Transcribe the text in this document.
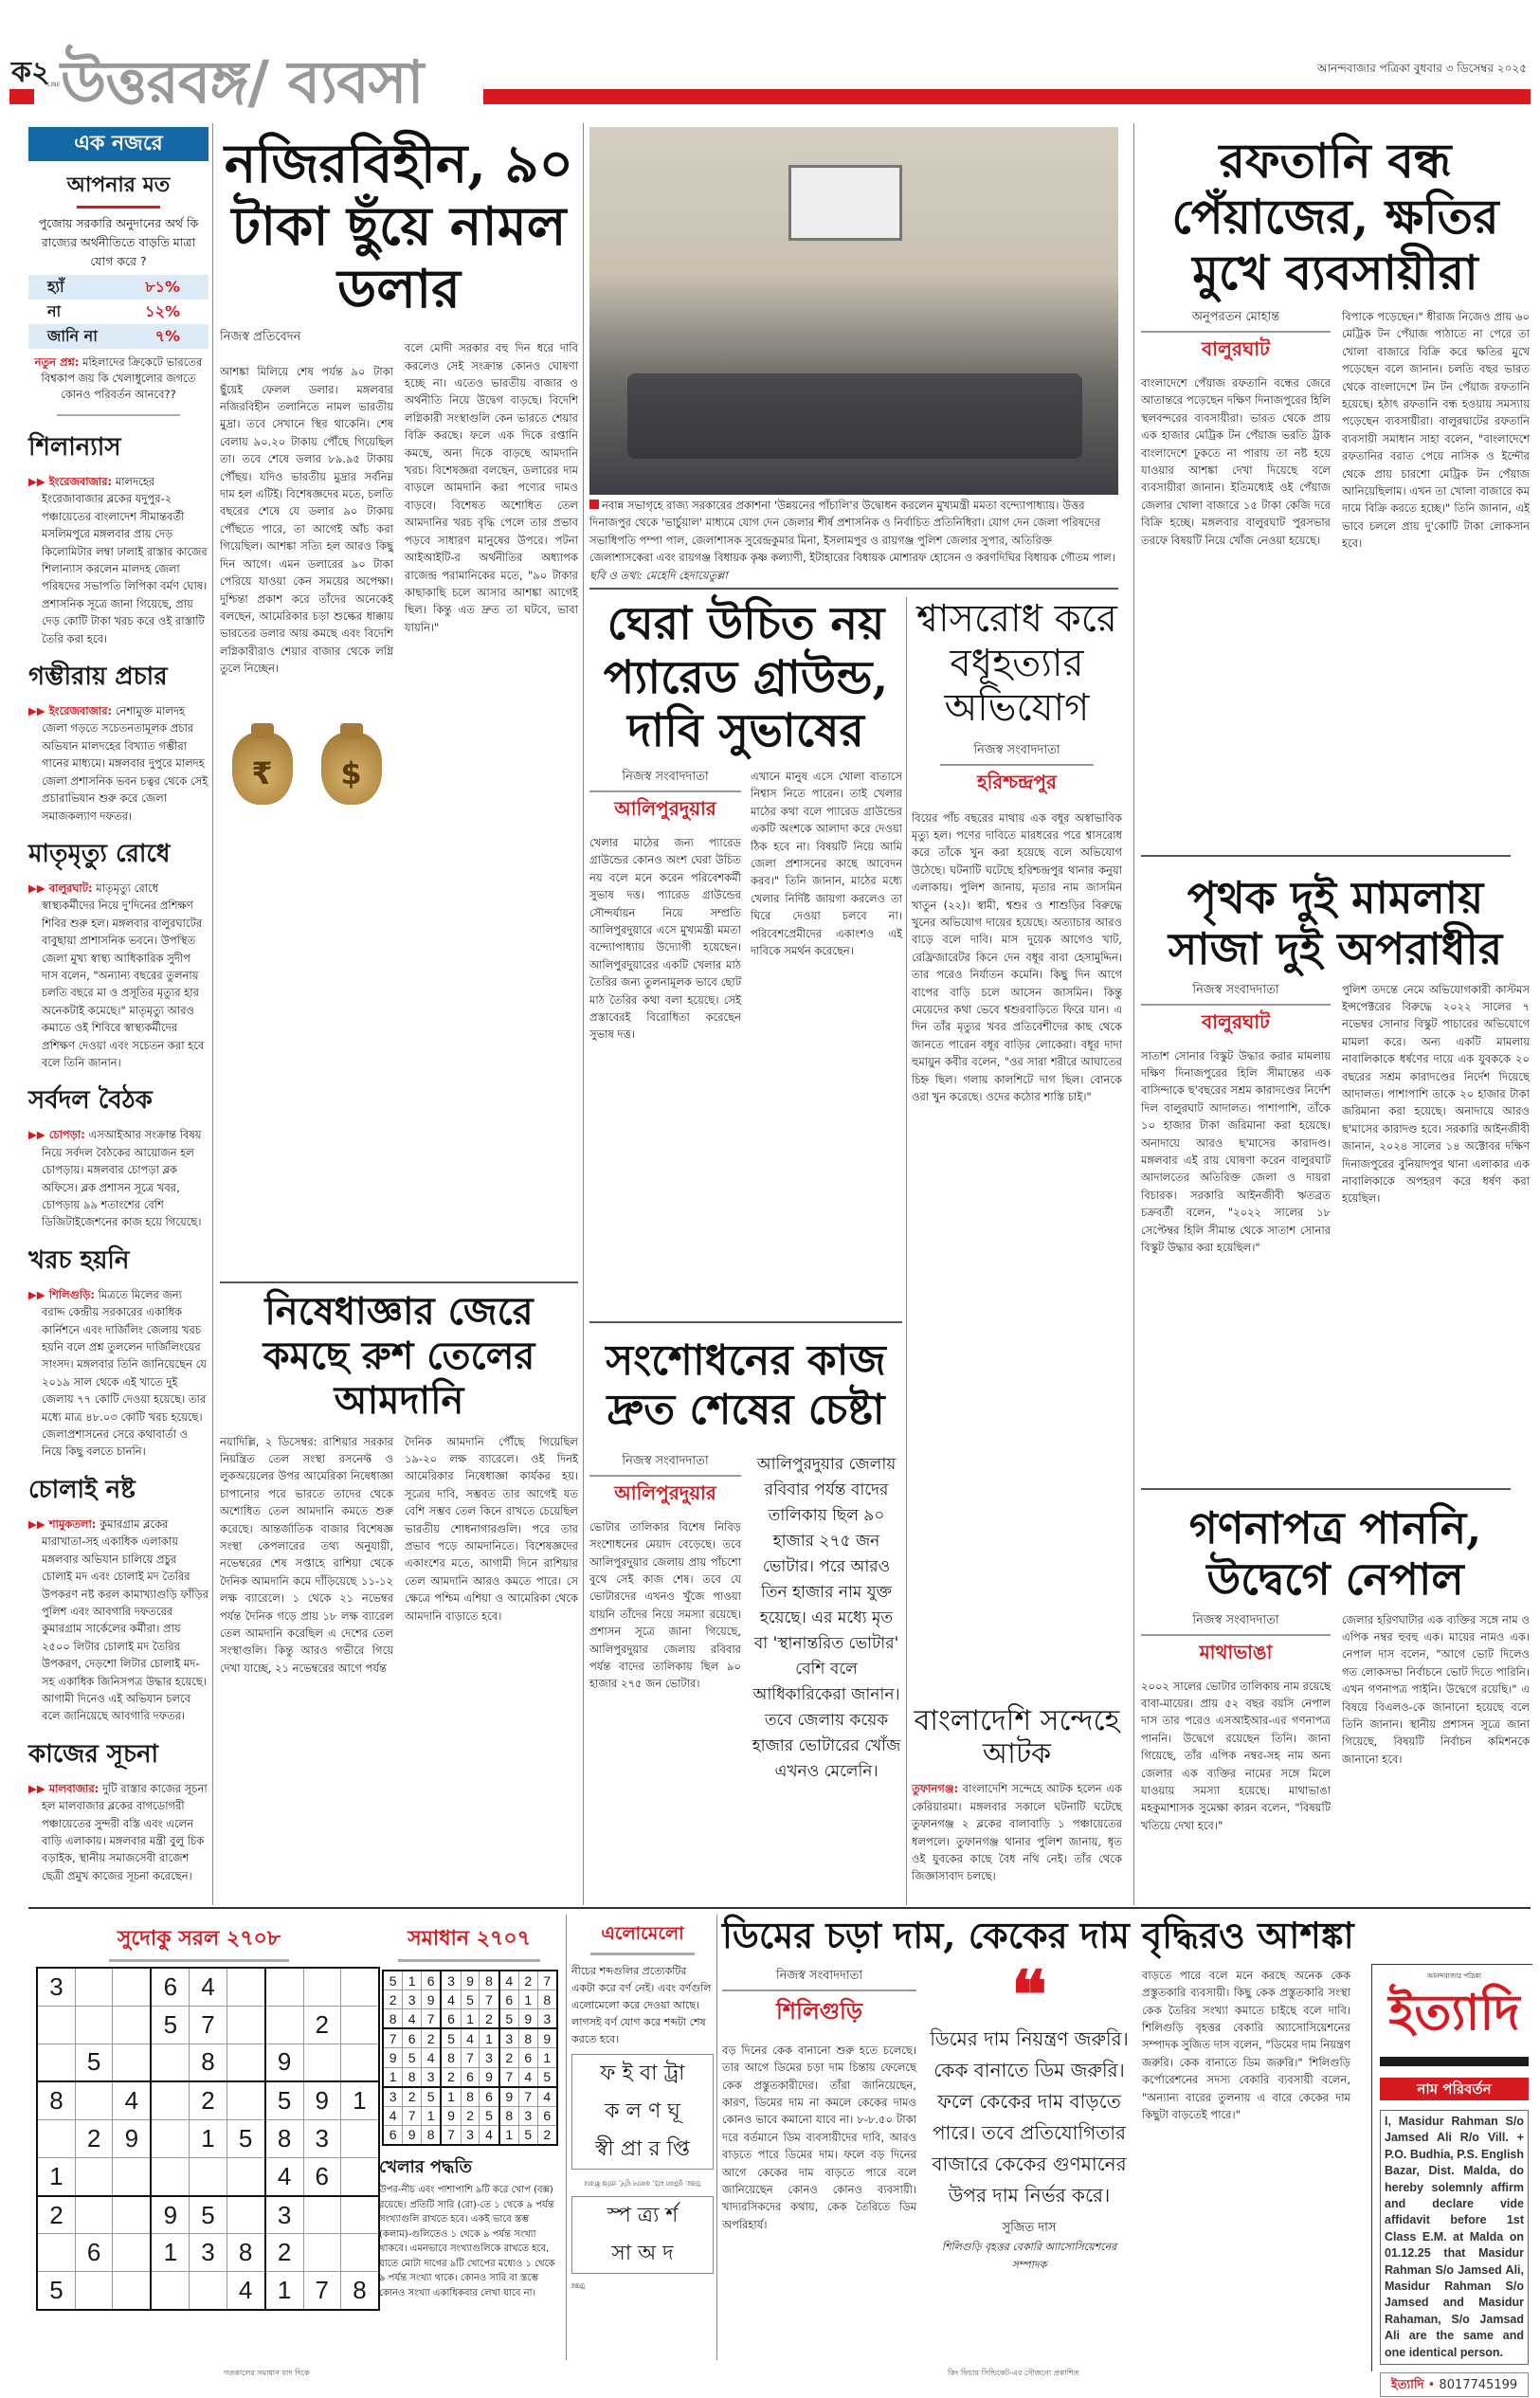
ক২
LINE উত্তরবঙ্গ/ ব্যবসা	আনন্দবাজার পত্রিকা বুধবার ৩ ডিসেম্বর ২০২৫
এক নজরে
আপনার মত
পুজোয় সরকারি অনুদানের অর্থ কি রাজ্যের অর্থনীতিতে বাড়তি মাত্রা যোগ করে ?
হ্যাঁ	৮১%
না	১২%
জানি না	৭%
নতুন প্রশ্ন: মহিলাদের ক্রিকেটে ভারতের বিশ্বকাপ জয় কি খেলাধুলোর জগতে কোনও পরিবর্তন আনবে??
শিলান্যাস
▶▶ ইংরেজবাজার: মালদহের ইংরেজাবাজার ব্লকের যদুপুর-২ পঞ্চায়েতের বাংলাদেশ সীমান্তবর্তী মসলিমপুরে মঙ্গলবার প্রায় দেড় কিলোমিটার লম্বা ঢালাই রাস্তার কাজের শিলান্যাস করলেন মালদহ জেলা পরিষদের সভাপতি লিপিকা বর্মণ ঘোষ। প্রশাসনিক সূত্রে জানা গিয়েছে, প্রায় দেড় কোটি টাকা খরচ করে ওই রাস্তাটি তৈরি করা হবে।
গম্ভীরায় প্রচার
▶▶ ইংরেজবাজার: নেশামুক্ত মালদহ জেলা গড়তে সচেতনতামূলক প্রচার অভিযান মালদহের বিখ্যাত গম্ভীরা গানের মাধ্যমে। মঙ্গলবার দুপুরে মালদহ জেলা প্রশাসনিক ভবন চত্বর থেকে সেই প্রচারাভিযান শুরু করে জেলা সমাজকল্যাণ দফতর।
মাতৃমৃত্যু রোধে
▶▶ বালুরঘাট: মাতৃমৃত্যু রোধে স্বাস্থ্যকর্মীদের নিয়ে দু'দিনের প্রশিক্ষণ শিবির শুরু হল। মঙ্গলবার বালুরঘাটের বাবুছায়া প্রাশাসনিক ভবনে। উপস্থিত জেলা মুখ্য স্বাস্থ্য আধিকারিক সুদীপ দাস বলেন, "অন্যান্য বছরের তুলনায় চলতি বছরে মা ও প্রসূতির মৃত্যুর হার অনেকটাই কমেছে।" মাতৃমৃত্যু আরও কমাতে ওই শিবিরে স্বাস্থ্যকর্মীদের প্রশিক্ষণ দেওয়া এবং সচেতন করা হবে বলে তিনি জানান।
সর্বদল বৈঠক
▶▶ চোপড়া: এসআইআর সংক্রান্ত বিষয় নিয়ে সর্বদল বৈঠকের আয়োজন হল চোপড়ায়। মঙ্গলবার চোপড়া ব্লক অফিসে। ব্লক প্রশাসন সূত্রে খবর, চোপড়ায় ৯৯ শতাংশের বেশি ডিজিটাইজেশনের কাজ হয়ে গিয়েছে।
খরচ হয়নি
▶▶ শিলিগুড়ি: মিত্রতে মিলের জন্য বরাদ্দ কেন্দ্রীয় সরকারের একাধিক কার্নিশনে এবং দার্জিলিং জেলায় খরচ হয়নি বলে প্রশ্ন তুললেন দার্জিলিংয়ের সাংসদ। মঙ্গলবার তিনি জানিয়েছেন যে ২০১৯ সাল থেকে এই খাতে দুই জেলায় ৭৭ কোটি দেওয়া হয়েছে। তার মধ্যে মাত্র ৪৮.০৩ কোটি খরচ হয়েছে। জেলাপ্রশাসনের সেরে কথাবার্তা ও নিয়ে কিছু বলতে চাননি।
চোলাই নষ্ট
▶▶ শামুকতলা: কুমারগ্রাম ব্লকের মারাখাতা-সহ একাধিক এলাকায় মঙ্গলবার অভিযান চালিয়ে প্রচুর চোলাই মদ এবং চোলাই মদ তৈরির উপকরণ নষ্ট করল কামাখ্যাগুড়ি ফাঁড়ির পুলিশ এবং আবগারি দফতরের কুমারগ্রাম সার্কেলের কর্মীরা। প্রায় ২৫০০ লিটার চোলাই মদ তৈরির উপকরণ, দেড়শো লিটার চোলাই মদ-সহ একাধিক জিনিসপত্র উদ্ধার হয়েছে। আগামী দিনেও এই অভিযান চলবে বলে জানিয়েছে আবগারি দফতর।
কাজের সূচনা
▶▶ মালবাজার: দুটি রাস্তার কাজের সূচনা হল মালবাজার ব্লকের বাগডোগরী পঞ্চায়েতের সুন্দরী বস্তি এবং এলেন বাড়ি এলাকায়। মঙ্গলবার মন্ত্রী বুলু চিক বড়াইক, স্থানীয় সমাজসেবী রাজেশ ছেত্রী প্রমুখ কাজের সূচনা করেছেন।
নজিরবিহীন, ৯০ টাকা ছুঁয়ে নামল ডলার
নিজস্ব প্রতিবেদন
আশঙ্কা মিলিয়ে শেষ পর্যন্ত ৯০ টাকা ছুঁয়েই ফেলল ডলার। মঙ্গলবার নজিরবিহীন তলানিতে নামল ভারতীয় মুদ্রা। তবে সেখানে স্থির থাকেনি। শেষ বেলায় ৯০.২০ টাকায় পৌঁছে গিয়েছিল তা। তবে শেষে ডলার ৮৯.৯৫ টাকায় পৌঁছয়। যদিও ভারতীয় মুদ্রার সর্বনিম্ন দাম হল এটিই। বিশেষজ্ঞদের মতে, চলতি বছরের শেষে যে ডলার ৯০ টাকায় পৌঁছতে পারে, তা আগেই আঁচ করা গিয়েছিল। আশঙ্কা সত্যি হল আরও কিছু দিন আগে। এমন ডলারের ৯০ টাকা পেরিয়ে যাওয়া কেন সময়ের অপেক্ষা। দুশ্চিন্তা প্রকাশ করে তাঁদের অনেকেই বলছেন, আমেরিকার চড়া শুল্কের ধাক্কায় ভারতের ডলার আয় কমছে এবং বিদেশি লগ্নিকারীরাও শেয়ার বাজার থেকে লগ্নি তুলে নিচ্ছেন।
বলে মোদী সরকার বহু দিন ধরে দাবি করলেও সেই সংক্রান্ত কোনও ঘোষণা হচ্ছে না। এতেও ভারতীয় বাজার ও অর্থনীতি নিয়ে উদ্বেগ বাড়ছে। বিদেশি লগ্নিকারী সংস্থাগুলি কেন ভারতে শেয়ার বিক্রি করছে। ফলে এক দিকে রপ্তানি কমছে, অন্য দিকে বাড়ছে আমদানি খরচ। বিশেষজ্ঞরা বলছেন, ডলারের দাম বাড়লে আমদানি করা পণ্যের দামও বাড়বে। বিশেষত অশোধিত তেল আমদানির খরচ বৃদ্ধি পেলে তার প্রভাব পড়বে সাধারণ মানুষের উপরে। পটনা আইআইটি-র অর্থনীতির অধ্যাপক রাজেন্দ্র পরামানিকের মতে, "৯০ টাকার কাছাকাছি চলে আসার আশঙ্কা আগেই ছিল। কিন্তু এত দ্রুত তা ঘটবে, ভাবা যায়নি।"
₹	$
নবান্ন সভাগৃহে রাজ্য সরকারের প্রকাশনা 'উন্নয়নের পাঁচালি'র উদ্বোধন করলেন মুখ্যমন্ত্রী মমতা বন্দ্যোপাধ্যায়। উত্তর দিনাজপুর থেকে 'ভার্চুয়াল' মাধ্যমে যোগ দেন জেলার শীর্ষ প্রশাসনিক ও নির্বাচিত প্রতিনিধিরা। যোগ দেন জেলা পরিষদের সভাধিপতি পম্পা পাল, জেলাশাসক সুরেন্দ্রকুমার মিনা, ইসলামপুর ও রায়গঞ্জ পুলিশ জেলার সুপার, অতিরিক্ত জেলাশাসকেরা এবং রায়গঞ্জ বিধায়ক কৃষ্ণ কল্যাণী, ইটাহারের বিধায়ক মোশারফ হোসেন ও করণদিঘির বিধায়ক গৌতম পাল। ছবি ও তথ্য: মেহেদি হেদায়েতুল্লা
ঘেরা উচিত নয় প্যারেড গ্রাউন্ড, দাবি সুভাষের
নিজস্ব সংবাদদাতা
আলিপুরদুয়ার
খেলার মাঠের জন্য প্যারেড গ্রাউন্ডের কোনও অংশ ঘেরা উচিত নয় বলে মনে করেন পরিবেশকর্মী সুভাষ দত্ত। প্যারেড গ্রাউন্ডের সৌন্দর্যায়ন নিয়ে সম্প্রতি আলিপুরদুয়ারে এসে মুখ্যমন্ত্রী মমতা বন্দ্যোপাধ্যায় উদ্যোগী হয়েছেন। আলিপুরদুয়ারের একটি খেলার মাঠ তৈরির জন্য তুলনামূলক ভাবে ছোট মাঠ তৈরির কথা বলা হয়েছে। সেই প্রস্তাবেরই বিরোধিতা করেছেন সুভাষ দত্ত।
এখানে মানুষ এসে খোলা বাতাসে নিশ্বাস নিতে পারেন। তাই খেলার মাঠের কথা বলে প্যারেড গ্রাউন্ডের একটি অংশকে আলাদা করে দেওয়া ঠিক হবে না। বিষয়টি নিয়ে আমি জেলা প্রশাসনের কাছে আবেদন করব।" তিনি জানান, মাঠের মধ্যে খেলার নির্দিষ্ট জায়গা করলেও তা ঘিরে দেওয়া চলবে না। পরিবেশপ্রেমীদের একাংশও এই দাবিকে সমর্থন করেছেন।
শ্বাসরোধ করে বধূহত্যার অভিযোগ
নিজস্ব সংবাদদাতা
হরিশ্চন্দ্রপুর
বিয়ের পাঁচ বছরের মাথায় এক বধূর অস্বাভাবিক মৃত্যু হল। পণের দাবিতে মারধরের পরে শ্বাসরোধ করে তাঁকে খুন করা হয়েছে বলে অভিযোগ উঠেছে। ঘটনাটি ঘটেছে হরিশ্চন্দ্রপুর থানার কনুয়া এলাকায়। পুলিশ জানায়, মৃতার নাম জাসমিন খাতুন (২২)। স্বামী, শ্বশুর ও শাশুড়ির বিরুদ্ধে খুনের অভিযোগ দায়ের হয়েছে। অত্যাচার আরও বাড়ে বলে দাবি। মাস দুয়েক আগেও খাট, রেফ্রিজারেটর কিনে দেন বধূর বাবা হেসামুদ্দিন। তার পরেও নির্যাতন কমেনি। কিছু দিন আগে বাপের বাড়ি চলে আসেন জাসমিন। কিন্তু মেয়েদের কথা ভেবে শ্বশুরবাড়িতে ফিরে যান। এ দিন তাঁর মৃত্যুর খবর প্রতিবেশীদের কাছ থেকে জানতে পারেন বধূর বাড়ির লোকেরা। বধূর দাদা হুমায়ুন কবীর বলেন, "ওর সারা শরীরে আঘাতের চিহ্ন ছিল। গলায় কালশিটে দাগ ছিল। বোনকে ওরা খুন করেছে। ওদের কঠোর শাস্তি চাই।"
বাংলাদেশি সন্দেহে আটক
তুফানগঞ্জ: বাংলাদেশি সন্দেহে আটক হলেন এক কেরিয়ারমা। মঙ্গলবার সকালে ঘটনাটি ঘটেছে তুফানগঞ্জ ২ ব্লকের বালাবাড়ি ১ পঞ্চায়েতের ধলপলে। তুফানগঞ্জ থানার পুলিশ জানায়, ধৃত ওই যুবকের কাছে বৈধ নথি নেই। তাঁর থেকে জিজ্ঞাসাবাদ চলছে।
রফতানি বন্ধ পেঁয়াজের, ক্ষতির মুখে ব্যবসায়ীরা
অনুপরতন মোহান্ত
বালুরঘাট
বাংলাদেশে পেঁয়াজ রফতানি বন্ধের জেরে আতান্তরে পড়েছেন দক্ষিণ দিনাজপুরের হিলি স্থলবন্দরের ব্যবসায়ীরা। ভারত থেকে প্রায় এক হাজার মেট্রিক টন পেঁয়াজ ভরতি ট্রাক বাংলাদেশে ঢুকতে না পারায় তা নষ্ট হয়ে যাওয়ার আশঙ্কা দেখা দিয়েছে বলে ব্যবসায়ীরা জানান। ইতিমধ্যেই ওই পেঁয়াজ জেলার খোলা বাজারে ১৫ টাকা কেজি দরে বিক্রি হচ্ছে। মঙ্গলবার বালুরঘাট পুরসভার তরফে বিষয়টি নিয়ে খোঁজ নেওয়া হয়েছে।
বিপাকে পড়েছেন।" ধীরাজ নিজেও প্রায় ৬০ মেট্রিক টন পেঁয়াজ পাঠাতে না পেরে তা খোলা বাজারে বিক্রি করে ক্ষতির মুখে পড়েছেন বলে জানান। চলতি বছর ভারত থেকে বাংলাদেশে টন টন পেঁয়াজ রফতানি হয়েছে। হঠাৎ রফতানি বন্ধ হওয়ায় সমস্যায় পড়েছেন ব্যবসায়ীরা। বালুরঘাটের রফতানি ব্যবসায়ী সমাধান সাহা বলেন, "বাংলাদেশে রফতানির বরাত পেয়ে নাসিক ও ইন্দৌর থেকে প্রায় চারশো মেট্রিক টন পেঁয়াজ আনিয়েছিলাম। এখন তা খোলা বাজারে কম দামে বিক্রি করতে হচ্ছে।" তিনি জানান, এই ভাবে চললে প্রায় দু'কোটি টাকা লোকসান হবে।
পৃথক দুই মামলায় সাজা দুই অপরাধীর
নিজস্ব সংবাদদাতা
বালুরঘাট
সাতাশ সোনার বিস্কুট উদ্ধার করার মামলায় দক্ষিণ দিনাজপুরের হিলি সীমান্তের এক বাসিন্দাকে ছ'বছরের সশ্রম কারাদণ্ডের নির্দেশ দিল বালুরঘাট আদালত। পাশাপাশি, তাঁকে ১০ হাজার টাকা জরিমানা করা হয়েছে। অনাদায়ে আরও ছ'মাসের কারাদণ্ড। মঙ্গলবার এই রায় ঘোষণা করেন বালুরঘাট আদালতের অতিরিক্ত জেলা ও দায়রা বিচারক। সরকারি আইনজীবী ঋতব্রত চক্রবর্তী বলেন, "২০২২ সালের ১৮ সেপ্টেম্বর হিলি সীমান্ত থেকে সাতাশ সোনার বিস্কুট উদ্ধার করা হয়েছিল।"
পুলিশ তদন্তে নেমে অভিযোগকারী কাস্টমস ইন্সপেক্টরের বিরুদ্ধে ২০২২ সালের ৭ নভেম্বর সোনার বিস্কুট পাচারের অভিযোগে মামলা করে। অন্য একটি মামলায় নাবালিকাকে ধর্ষণের দায়ে এক যুবককে ২০ বছরের সশ্রম কারাদণ্ডের নির্দেশ দিয়েছে আদালত। পাশাপাশি তাকে ২০ হাজার টাকা জরিমানা করা হয়েছে। অনাদায়ে আরও ছ'মাসের কারাদণ্ড হবে। সরকারি আইনজীবী জানান, ২০২৪ সালের ১৪ অক্টোবর দক্ষিণ দিনাজপুরের বুনিয়াদপুর থানা এলাকার এক নাবালিকাকে অপহরণ করে ধর্ষণ করা হয়েছিল।
গণনাপত্র পাননি, উদ্বেগে নেপাল
নিজস্ব সংবাদদাতা
মাথাভাঙা
২০০২ সালের ভোটার তালিকায় নাম রয়েছে বাবা-মায়ের। প্রায় ৫২ বছর বয়সি নেপাল দাস তার পরেও এসআইআর-এর গণনাপত্র পাননি। উদ্বেগে রয়েছেন তিনি। জানা গিয়েছে, তাঁর এপিক নম্বর-সহ নাম অন্য জেলার এক ব্যক্তির নামের সঙ্গে মিলে যাওয়ায় সমস্যা হয়েছে। মাথাভাঙা মহকুমাশাসক সুমেক্ষা কারন বলেন, "বিষয়টি খতিয়ে দেখা হবে।"
জেলার হরিণঘাটার এক ব্যক্তির সঙ্গে নাম ও এপিক নম্বর হুবহু এক। মায়ের নামও এক। নেপাল দাস বলেন, "আগে ভোট দিলেও গত লোকসভা নির্বাচনে ভোট দিতে পারিনি। এখন গণনাপত্র পাইনি। উদ্বেগে রয়েছি।" এ বিষয়ে বিএলও-কে জানানো হয়েছে বলে তিনি জানান। স্থানীয় প্রশাসন সূত্রে জানা গিয়েছে, বিষয়টি নির্বাচন কমিশনকে জানানো হবে।
নিষেধাজ্ঞার জেরে কমছে রুশ তেলের আমদানি
নয়াদিল্লি, ২ ডিসেম্বর: রাশিয়ার সরকার নিয়ন্ত্রিত তেল সংস্থা রসনেফ্ট ও লুকঅয়েলের উপর আমেরিকা নিষেধাজ্ঞা চাপানোর পরে ভারতে তাদের থেকে অশোধিত তেল আমদানি কমতে শুরু করেছে। আন্তর্জাতিক বাজার বিশেষজ্ঞ সংস্থা কেপলারের তথ্য অনুযায়ী, নভেম্বরের শেষ সপ্তাহে রাশিয়া থেকে দৈনিক আমদানি কমে দাঁড়িয়েছে ১১-১২ লক্ষ ব্যারেলে। ১ থেকে ২১ নভেম্বর পর্যন্ত দৈনিক গড়ে প্রায় ১৮ লক্ষ ব্যারেল তেল আমদানি করেছিল এ দেশের তেল সংস্থাগুলি। কিন্তু আরও গভীরে গিয়ে দেখা যাচ্ছে, ২১ নভেম্বরের আগে পর্যন্ত
দৈনিক আমদানি পৌঁছে গিয়েছিল ১৯-২০ লক্ষ ব্যারেলে। ওই দিনই আমেরিকার নিষেধাজ্ঞা কার্যকর হয়। সূত্রের দাবি, সম্ভবত তার আগেই যত বেশি সম্ভব তেল কিনে রাখতে চেয়েছিল ভারতীয় শোধনাগারগুলি। পরে তার প্রভাব পড়ে আমদানিতে। বিশেষজ্ঞদের একাংশের মতে, আগামী দিনে রাশিয়ার তেল আমদানি আরও কমতে পারে। সে ক্ষেত্রে পশ্চিম এশিয়া ও আমেরিকা থেকে আমদানি বাড়াতে হবে।
সংশোধনের কাজ দ্রুত শেষের চেষ্টা
নিজস্ব সংবাদদাতা
আলিপুরদুয়ার
ভোটার তালিকার বিশেষ নিবিড় সংশোধনের মেয়াদ বেড়েছে। তবে আলিপুরদুয়ার জেলায় প্রায় পাঁচশো বুথে সেই কাজ শেষ। তবে যে ভোটারদের এখনও খুঁজে পাওয়া যায়নি তাঁদের নিয়ে সমস্যা রয়েছে। প্রশাসন সূত্রে জানা গিয়েছে, আলিপুরদুয়ার জেলায় রবিবার পর্যন্ত বাদের তালিকায় ছিল ৯০ হাজার ২৭৫ জন ভোটার।
আলিপুরদুয়ার জেলায় রবিবার পর্যন্ত বাদের তালিকায় ছিল ৯০ হাজার ২৭৫ জন ভোটার। পরে আরও তিন হাজার নাম যুক্ত হয়েছে। এর মধ্যে মৃত বা 'স্থানান্তরিত ভোটার' বেশি বলে আধিকারিকেরা জানান। তবে জেলায় কয়েক হাজার ভোটারের খোঁজ এখনও মেলেনি।
সুদোকু সরল ২৭০৮
3			6	4				
			5	7			2	
	5			8		9		
8		4		2		5	9	1
	2	9		1	5	8	3	
1						4	6	
2			9	5		3		
	6		1	3	8	2		
5					4	1	7	8
সমাধান ২৭০৭
5	1	6	3	9	8	4	2	7
2	3	9	4	5	7	6	1	8
8	4	7	6	1	2	5	9	3
7	6	2	5	4	1	3	8	9
9	5	4	8	7	3	2	6	1
1	8	3	2	6	9	7	4	5
3	2	5	1	8	6	9	7	4
4	7	1	9	2	5	8	3	6
6	9	8	7	3	4	1	5	2
খেলার পদ্ধতি
উপর-নীচ এবং পাশাপাশি ৯টি করে খোপ (বক্স) রয়েছে। প্রতিটি সারি (রো)-তে ১ থেকে ৯ পর্যন্ত সংখ্যাগুলি রাখতে হবে। একই ভাবে স্তম্ভ (কলাম)-গুলিতেও ১ থেকে ৯ পর্যন্ত সংখ্যা থাকবে। এমনভাবে সংখ্যাগুলিকে রাখতে হবে, যাতে মোটা দাগের ৯টি খোপের মধ্যেও ১ থেকে ৯ পর্যন্ত সংখ্যা থাকে। কোনও সারি বা স্তম্ভে কোনও সংখ্যা একাধিকবার লেখা যাবে না।
এলোমেলো
নীচের শব্দগুলির প্রত্যেকটির একটা করে বর্ণ নেই। এবং বর্ণগুলি এলোমেলো করে দেওয়া আছে। লাগসই বর্ণ যোগ করে শব্দটা শেষ করতে হবে।
ফ ই বা ট্রা
ক ল ণ ঘূ
স্বী প্রা র প্তি
উত্তর: ফুটবল মাঠ, কল্যাণ ঘূর্ণি, প্রাপ্তি স্বীকার
স্প ত্র্য র্শ
সা অ দ
উত্তর
ডিমের চড়া দাম, কেকের দাম বৃদ্ধিরও আশঙ্কা
নিজস্ব সংবাদদাতা
শিলিগুড়ি
বড় দিনের কেক বানানো শুরু হতে চলেছে। তার আগে ডিমের চড়া দাম চিন্তায় ফেলেছে কেক প্রস্তুতকারীদের। তাঁরা জানিয়েছেন, কারণ, ডিমের দাম না কমলে কেকের দামও কোনও ভাবে কমানো যাবে না। ৮-৮.৫০ টাকা দরে বর্তমানে ডিম ব্যবসায়ীদের দাবি, আরও বাড়তে পারে ডিমের দাম। ফলে বড় দিনের আগে কেকের দাম বাড়তে পারে বলে জানিয়েছেন কোনও কোনও ব্যবসায়ী। খাদ্যরসিকদের কথায়, কেক তৈরিতে ডিম অপরিহার্য।
❝
ডিমের দাম নিয়ন্ত্রণ জরুরি। কেক বানাতে ডিম জরুরি। ফলে কেকের দাম বাড়তে পারে। তবে প্রতিযোগিতার বাজারে কেকের গুণমানের উপর দাম নির্ভর করে।
সুজিত দাস
শিলিগুড়ি বৃহত্তর বেকারি অ্যাসোসিয়েশনের সম্পাদক
বাড়তে পারে বলে মনে করছে অনেক কেক প্রস্তুতকারি ব্যবসায়ী। কিছু কেক প্রস্তুতকারি সংস্থা কেক তৈরির সংখ্যা কমাতে চাইছে বলে দাবি। শিলিগুড়ি বৃহত্তর বেকারি অ্যাসোসিয়েশনের সম্পাদক সুজিত দাস বলেন, "ডিমের দাম নিয়ন্ত্রণ জরুরি। কেক বানাতে ডিম জরুরি।" শিলিগুড়ি কর্পোরেশনের সদস্য বেকারি ব্যবসায়ী বলেন, "অন্যান্য বারের তুলনায় এ বারে কেকের দাম কিছুটা বাড়তেই পারে।"
আনন্দবাজার পত্রিকা
ইত্যাদি
নাম পরিবর্তন
I, Masidur Rahman S/o Jamsed Ali R/o Vill. + P.O. Budhia, P.S. English Bazar, Dist. Malda, do hereby solemnly affirm and declare vide affidavit before 1st Class E.M. at Malda on 01.12.25 that Masidur Rahman S/o Jamsed Ali, Masidur Rahman S/o Jamsed and Masidur Rahaman, S/o Jamsad Ali are the same and one identical person.
ইত্যাদি • 8017745199
গতকালের সমাধান যাদ দিকে	কিং ফিচার সিন্ডিকেট-এর সৌজন্যে প্রকাশিত
